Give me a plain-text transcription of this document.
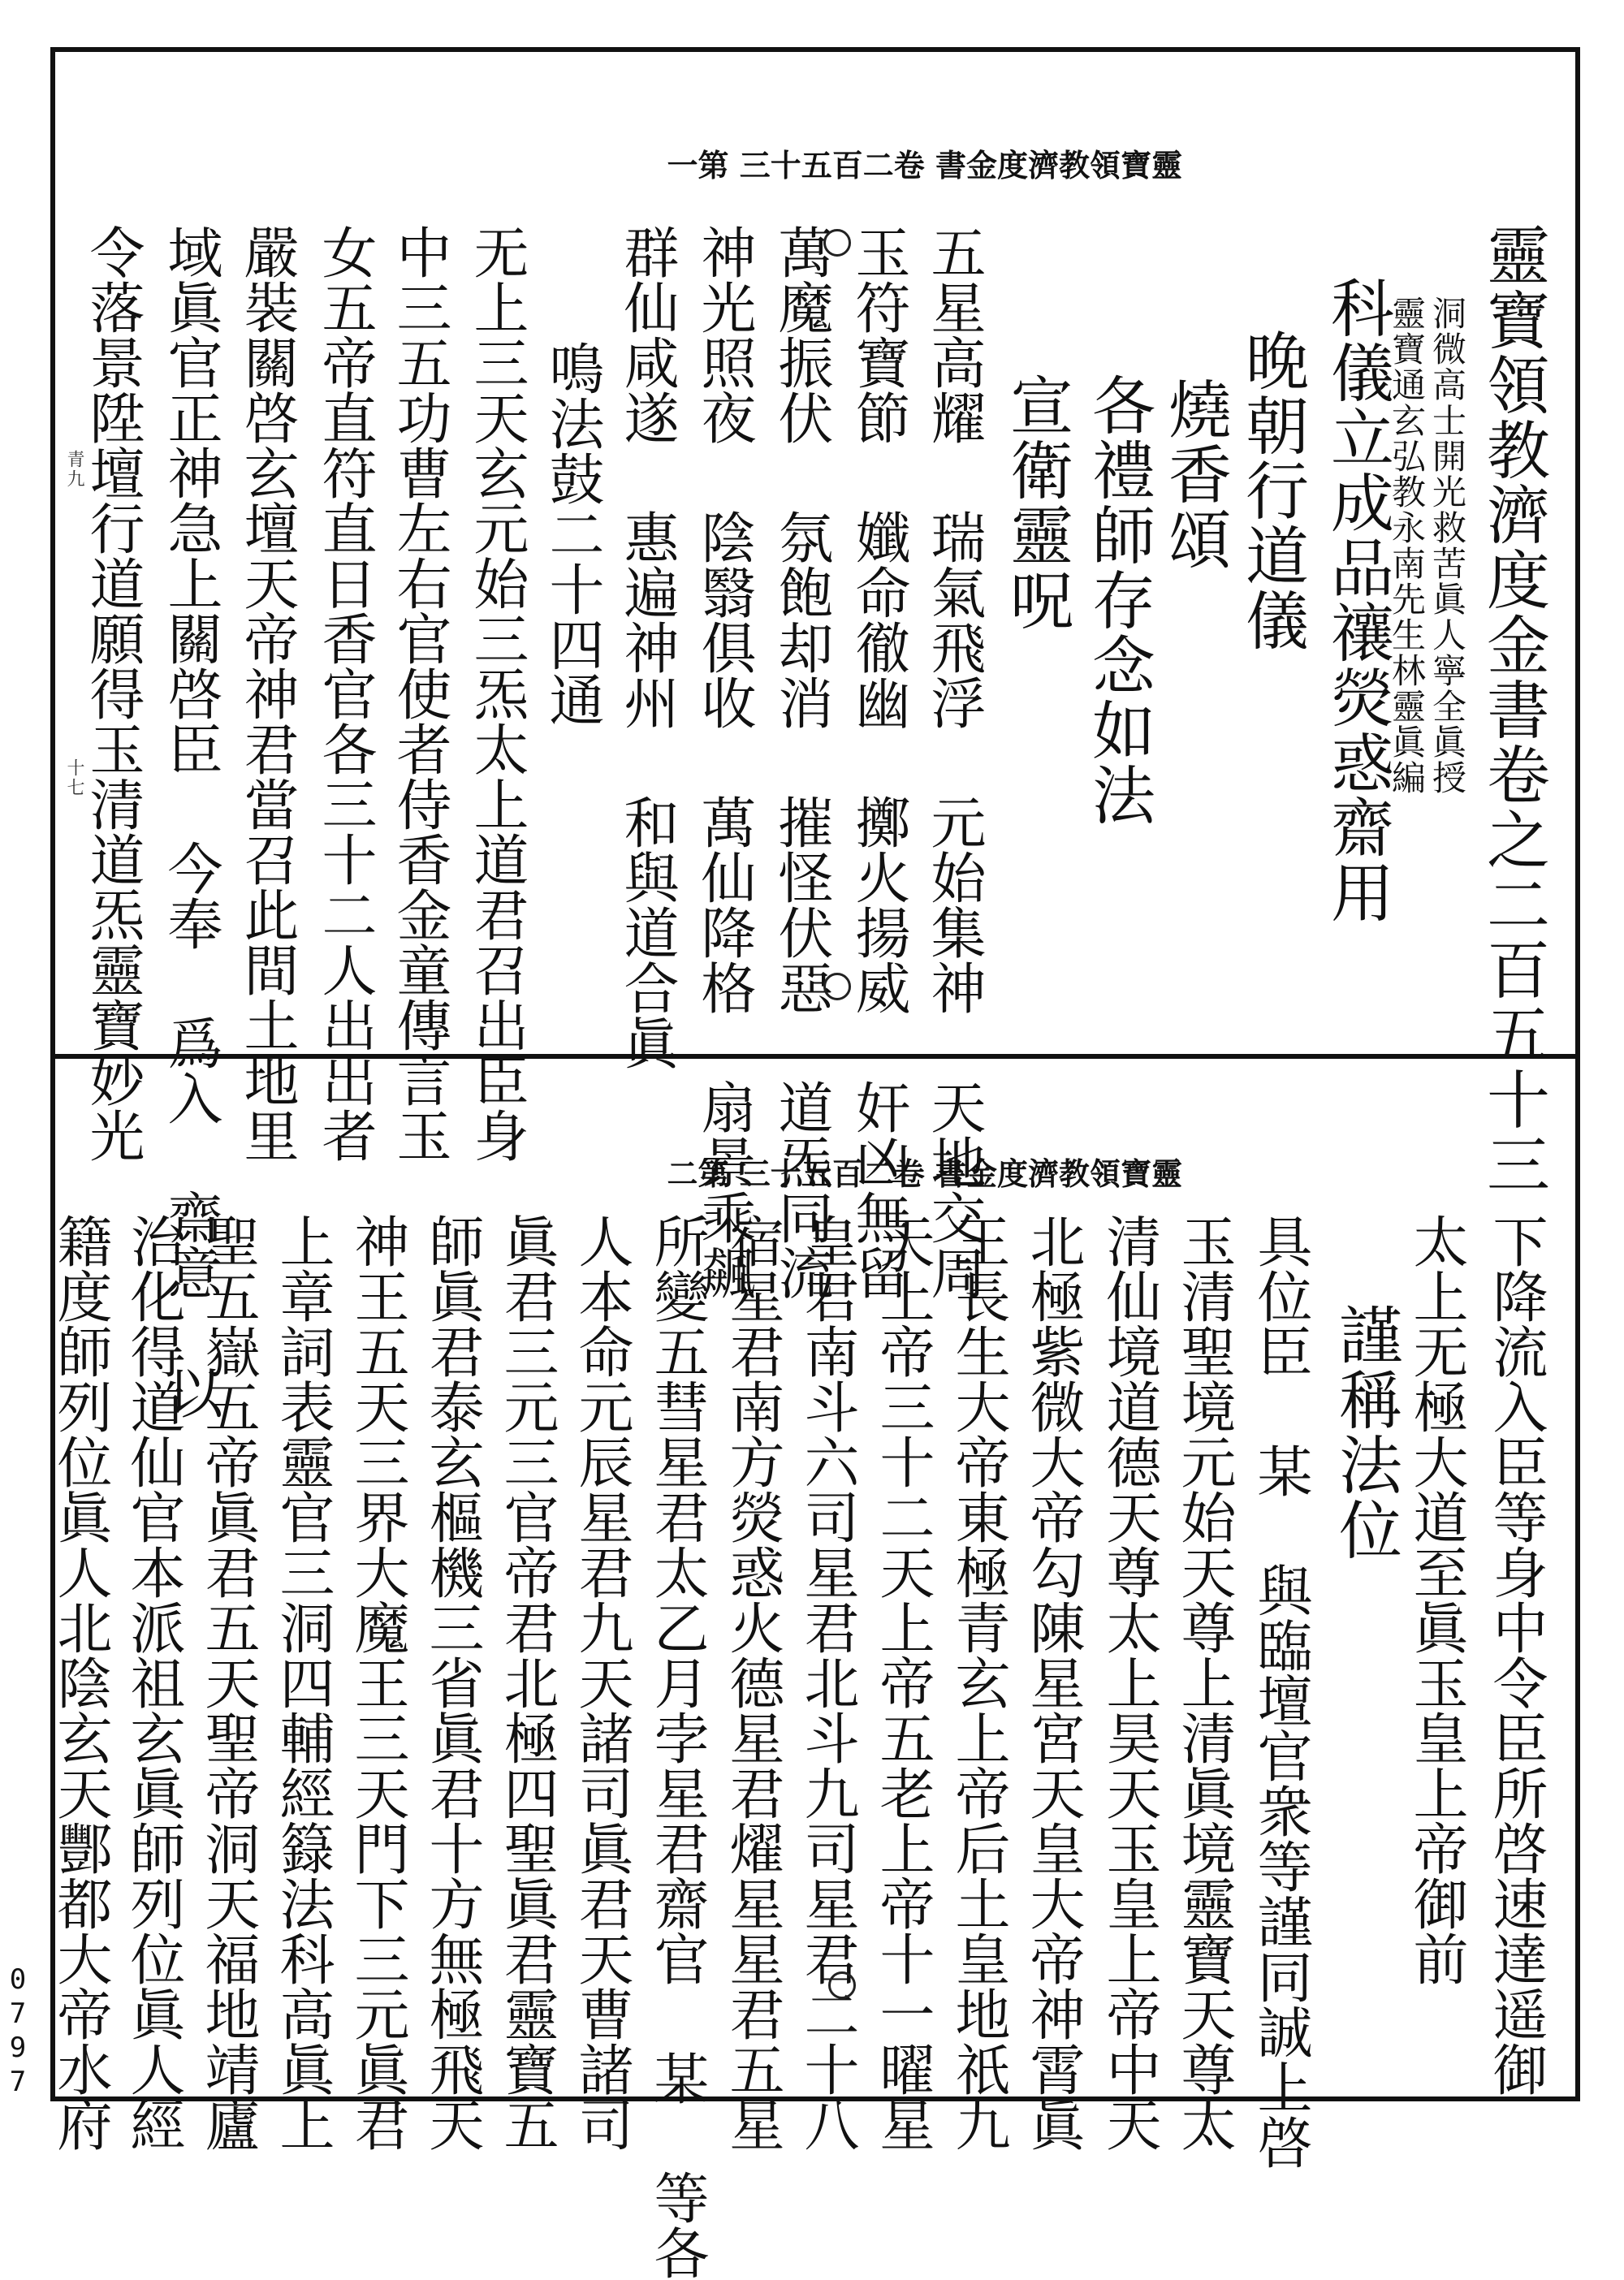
0797
一第 三十五百二卷 書金度濟教領寶靈
靈寶領教濟度金書卷之二百五十三
洞微高士開光救苦眞人寧全眞授
靈寶通玄弘教永南先生林靈眞編
科儀立成品禳熒惑齋用
晚朝行道儀
燒香頌
各禮師存念如法
宣衛靈呪
五星高耀 瑞氣飛浮 元始集神 天地交周
玉符寶節 孅命徹幽 擲火揚威 奸凶無留
萬魔振伏 氛飽却消 摧怪伏惡 道炁同流
神光照夜 陰翳俱收 萬仙降格 扇景乘飆
群仙咸遂 惠遍神州 和與道合眞
鳴法鼓二十四通
无上三天玄元始三炁太上道君召出臣身
中三五功曹左右官使者侍香金童傳言玉
女五帝直符直日香官各三十二人出出者
嚴裝關啓玄壇天帝神君當召此間土地里
域眞官正神急上關啓臣 今奉 爲入 齋意 以
令落景陞壇行道願得玉清道炁靈寶妙光
青九
十七
二第 三十五百二卷 書金度濟教領寶靈
下降流入臣等身中令臣所啓速達遥御
太上无極大道至眞玉皇上帝御前
謹稱法位
具位臣 某 與臨壇官衆等謹同誠上啓
玉清聖境元始天尊上清眞境靈寶天尊太
清仙境道德天尊太上昊天玉皇上帝中天
北極紫微大帝勾陳星宮天皇大帝神霄眞
王長生大帝東極青玄上帝后土皇地祇九
天上帝三十二天上帝五老上帝十一曜星
皇君南斗六司星君北斗九司星君二十八
宿星君南方熒惑火德星君燿星星君五星
所變五彗星君太乙月孛星君齋官 某 等各
人本命元辰星君九天諸司眞君天曹諸司
眞君三元三官帝君北極四聖眞君靈寶五
師眞君泰玄樞機三省眞君十方無極飛天
神王五天三界大魔王三天門下三元眞君
上章詞表靈官三洞四輔經籙法科高眞上
聖五嶽五帝眞君五天聖帝洞天福地靖廬
治化得道仙官本派祖玄眞師列位眞人經
籍度師列位眞人北陰玄天酆都大帝水府
